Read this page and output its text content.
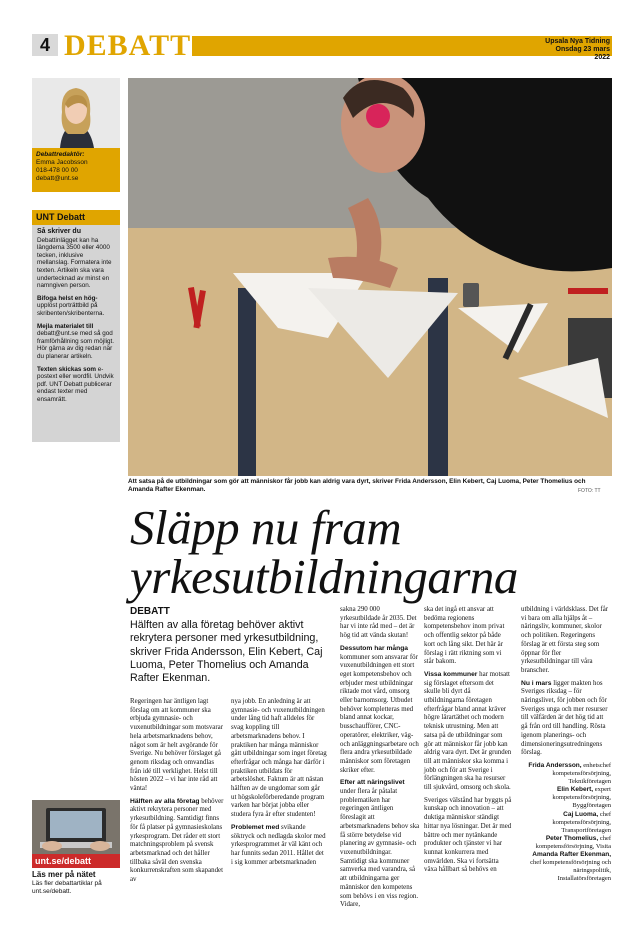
4 DEBATT	Upsala Nya Tidning
Onsdag 23 mars 2022
Debattredaktör:
Emma Jacobsson
018-478 00 00
debatt@unt.se
UNT Debatt

Så skriver du
Debattinlägget kan ha längdema 3500 eller 4000 tecken, inklusive mellanslag. Formatera inte texten. Artikeln ska vara undertecknad av minst en namngiven person.

Bifoga helst en hög- upplöst porträttbild på skribenten/skribenterna.

Mejla materialet till debatt@unt.se med så god framförhållning som möjligt. Hör gärna av dig redan när du planerar artikeln.

Texten skickas som e-postext eller wordfil. Undvik pdf. UNT Debatt publicerar endast texter med ensamrätt.

unt.se/debatt
Läs mer på nätet
Läs fler debattartiklar på unt.se/debatt.
Att satsa på de utbildningar som gör att människor får jobb kan aldrig vara dyrt, skriver Frida Andersson, Elin Kebert, Caj Luoma, Peter Thomelius och Amanda Rafter Ekenman.	FOTO: TT
Släpp nu fram
yrkesutbildningarna
DEBATT
Hälften av alla företag behöver aktivt rekrytera personer med yrkesutbildning, skriver Frida Andersson, Elin Kebert, Caj Luoma, Peter Thomelius och Amanda Rafter Ekenman.

Regeringen har äntligen lagt förslag om att kommuner ska erbjuda gymnasie- och vuxenutbildningar som motsvarar hela arbetsmarknadens behov, något som är helt avgörande för Sverige. Nu behöver förslaget gå genom riksdag och omvandlas från idé till verklighet. Helst till hösten 2022 – vi har inte råd att vänta!

Hälften av alla företag behöver aktivt rekrytera personer med yrkesutbildning. Samtidigt finns för få platser på gymnasieskolans yrkesprogram. Det råder ett stort matchningsproblem på svensk arbetsmarknad och det håller tillbaka såväl den svenska konkurrenskraften som skapandet av

nya jobb. En anledning är att gymnasie- och vuxenutbildningen under lång tid haft alldeles för svag koppling till arbetsmarknadens behov. I praktiken har många människor gått utbildningar som inget företag efterfrågar och många har därför i praktiken utbildats för arbetslöshet. Faktum är att nästan hälften av de ungdomar som går ut högskoleförberedande program varken har börjat jobba eller studera fyra år efter studenten!

Problemet med svikande söktryck och nedlagda skolor med yrkesprogrammet är väl känt och har funnits sedan 2011. Hållet det i sig kommer arbetsmarknaden

sakna 290 000 yrkesutbildade år 2035. Det har vi inte råd med – det är hög tid att vända skutan!

Dessutom har många kommuner som ansvarar för vuxenutbildningen ett stort eget kompetensbehov och erbjuder mest utbildningar riktade mot vård, omsorg eller barnomsorg. Utbudet behöver kompletteras med bland annat kockar, busschaufförer, CNC-operatörer, elektriker, väg- och anläggningsarbetare och flera andra yrkesutbildade människor som företagen skriker efter.

Efter att näringslivet under flera år påtalat problematiken har regeringen äntligen föreslagit att arbetsmarknadens behov ska få större betydelse vid planering av gymnasie- och vuxenutbildningar. Samtidigt ska kommuner samverka med varandra, så att utbildningarna ger människor den kompetens som behövs i en viss region. Vidare,

ska det ingå ett ansvar att bedöma regionens kompetensbehov inom privat och offentlig sektor på både kort och lång sikt. Det här är förslag i rätt riktning som vi står bakom.

Vissa kommuner har motsatt sig förslaget eftersom det skulle bli dyrt då utbildningarna företagen efterfrågar bland annat kräver högre lärartäthet och modern teknisk utrustning. Men att satsa på de utbildningar som gör att människor får jobb kan aldrig vara dyrt. Det är grunden till att människor ska komma i jobb och för att Sverige i förlängningen ska ha resurser till sjukvård, omsorg och skola.

Sveriges välstånd har byggts på kunskap och innovation – att duktiga människor ständigt hittar nya lösningar. Det är med bättre och mer nytänkande produkter och tjänster vi har kunnat konkurrera med omvärlden. Ska vi fortsätta växa hållbart så behövs en

utbildning i världsklass. Det får vi bara om alla hjälps åt – näringsliv, kommuner, skolor och politiken. Regeringens förslag är ett första steg som öppnar för fler yrkesutbildningar till våra branscher.

Nu i mars ligger makten hos Sveriges riksdag – för näringslivet, för jobben och för Sveriges unga och mer resurser till välfärden är det hög tid att gå från ord till handling. Rösta igenom planerings- och dimensioneringsutredningens förslag.

Frida Andersson, enhetschef kompetensförsörjning, Teknikföretagen

Elin Kebert, expert kompetensförsörjning, Byggföretagen

Caj Luoma, chef kompetensförsörjning, Transportföretagen

Peter Thomelius, chef kompetensförsörjning, Visita

Amanda Rafter Ekenman, chef kompetensförsörjning och näringspolitik, Installatörsföretagen
